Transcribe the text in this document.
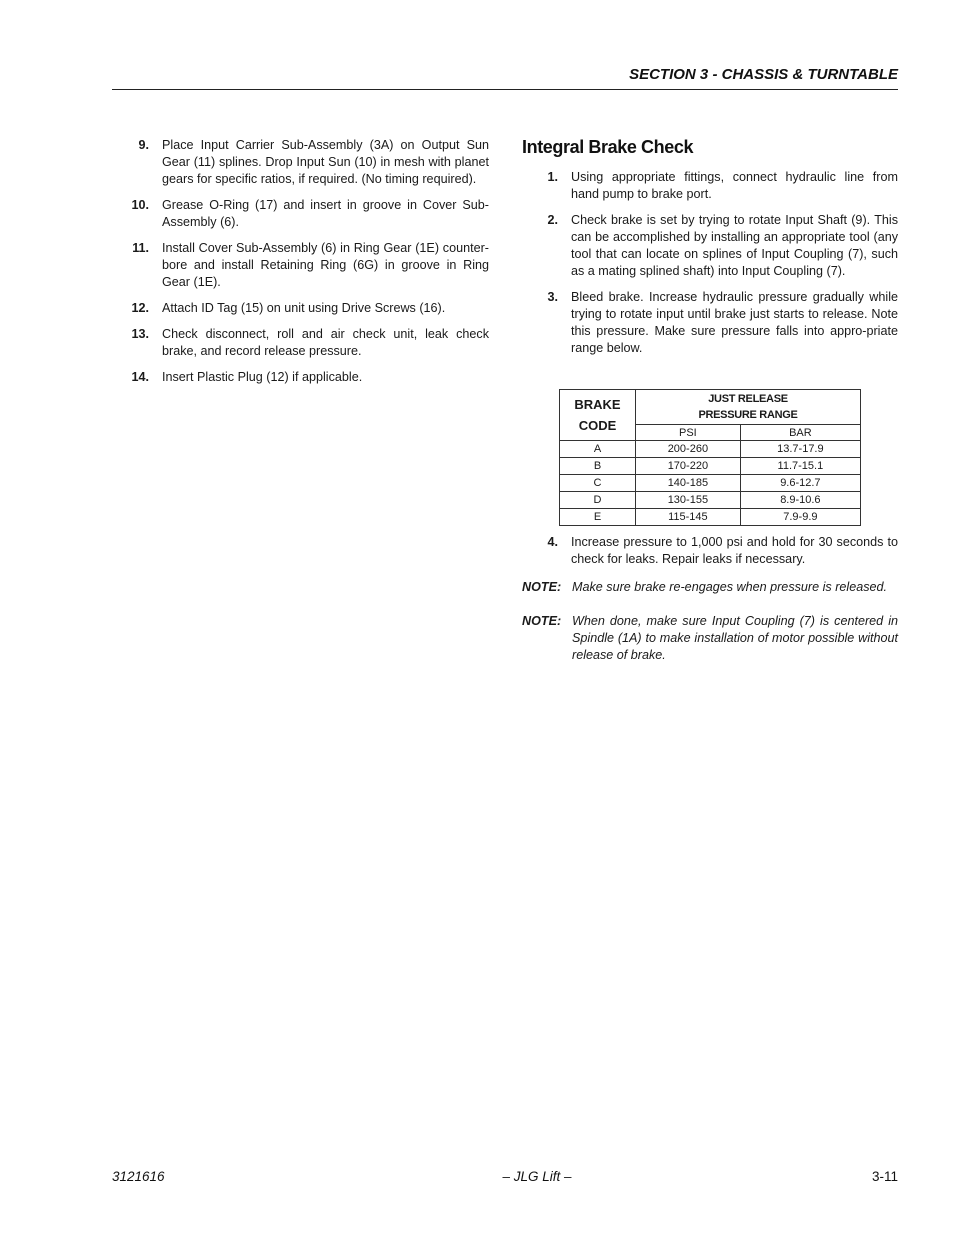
SECTION 3 - CHASSIS & TURNTABLE
9. Place Input Carrier Sub-Assembly (3A) on Output Sun Gear (11) splines. Drop Input Sun (10) in mesh with planet gears for specific ratios, if required. (No timing required).
10. Grease O-Ring (17) and insert in groove in Cover Sub-Assembly (6).
11. Install Cover Sub-Assembly (6) in Ring Gear (1E) counter-bore and install Retaining Ring (6G) in groove in Ring Gear (1E).
12. Attach ID Tag (15) on unit using Drive Screws (16).
13. Check disconnect, roll and air check unit, leak check brake, and record release pressure.
14. Insert Plastic Plug (12) if applicable.
Integral Brake Check
1. Using appropriate fittings, connect hydraulic line from hand pump to brake port.
2. Check brake is set by trying to rotate Input Shaft (9). This can be accomplished by installing an appropriate tool (any tool that can locate on splines of Input Coupling (7), such as a mating splined shaft) into Input Coupling (7).
3. Bleed brake. Increase hydraulic pressure gradually while trying to rotate input until brake just starts to release. Note this pressure. Make sure pressure falls into appro-priate range below.
BRAKE
CODE	JUST RELEASE
PRESSURE RANGE	
	PSI	BAR
A	200-260	13.7-17.9
B	170-220	11.7-15.1
C	140-185	9.6-12.7
D	130-155	8.9-10.6
E	115-145	7.9-9.9
4. Increase pressure to 1,000 psi and hold for 30 seconds to check for leaks. Repair leaks if necessary.
NOTE: Make sure brake re-engages when pressure is released.
NOTE: When done, make sure Input Coupling (7) is centered in Spindle (1A) to make installation of motor possible without release of brake.
3121616	– JLG Lift –	3-11
